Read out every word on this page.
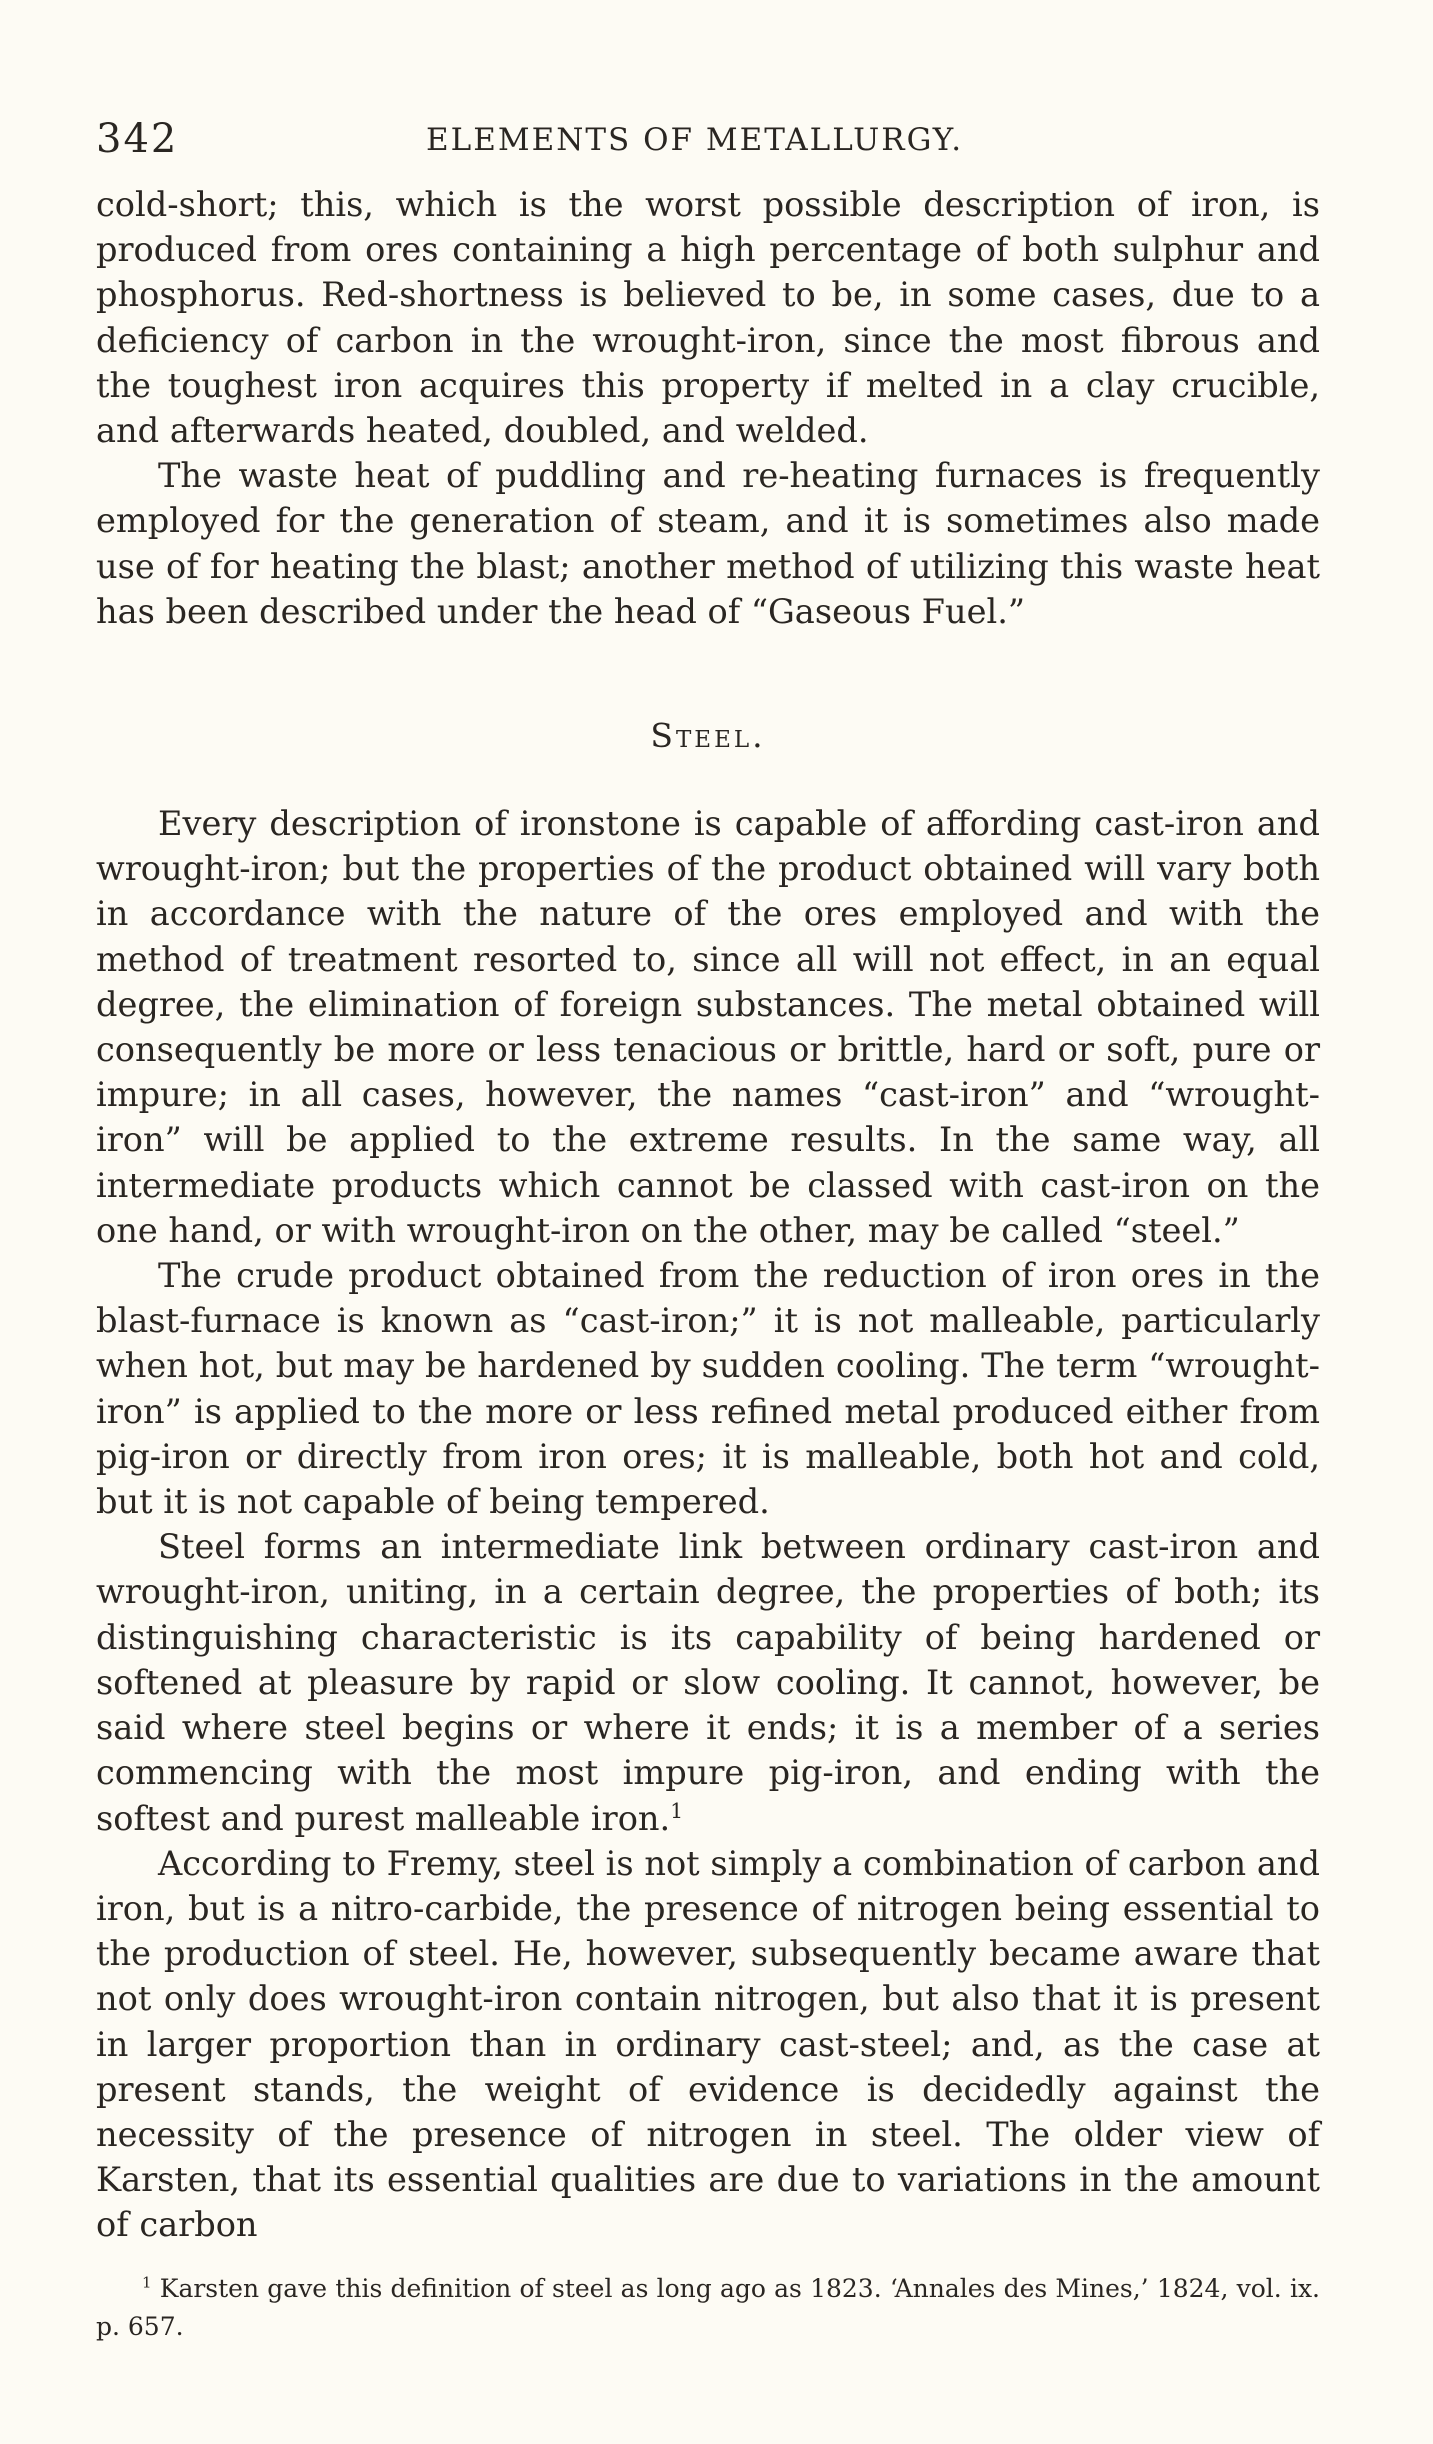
342	ELEMENTS OF METALLURGY.

cold-short; this, which is the worst possible description of iron, is produced from ores containing a high percentage of both sulphur and phosphorus. Red-shortness is believed to be, in some cases, due to a deficiency of carbon in the wrought-iron, since the most fibrous and the toughest iron acquires this property if melted in a clay crucible, and afterwards heated, doubled, and welded.

The waste heat of puddling and re-heating furnaces is frequently employed for the generation of steam, and it is sometimes also made use of for heating the blast; another method of utilizing this waste heat has been described under the head of “Gaseous Fuel.”

Steel.

Every description of ironstone is capable of affording cast-iron and wrought-iron; but the properties of the product obtained will vary both in accordance with the nature of the ores employed and with the method of treatment resorted to, since all will not effect, in an equal degree, the elimination of foreign substances. The metal obtained will consequently be more or less tenacious or brittle, hard or soft, pure or impure; in all cases, however, the names “cast-iron” and “wrought-iron” will be applied to the extreme results. In the same way, all intermediate products which cannot be classed with cast-iron on the one hand, or with wrought-iron on the other, may be called “steel.”

The crude product obtained from the reduction of iron ores in the blast-furnace is known as “cast-iron;” it is not malleable, particularly when hot, but may be hardened by sudden cooling. The term “wrought-iron” is applied to the more or less refined metal produced either from pig-iron or directly from iron ores; it is malleable, both hot and cold, but it is not capable of being tempered.

Steel forms an intermediate link between ordinary cast-iron and wrought-iron, uniting, in a certain degree, the properties of both; its distinguishing characteristic is its capability of being hardened or softened at pleasure by rapid or slow cooling. It cannot, however, be said where steel begins or where it ends; it is a member of a series commencing with the most impure pig-iron, and ending with the softest and purest malleable iron.$^1$

According to Fremy, steel is not simply a combination of carbon and iron, but is a nitro-carbide, the presence of nitrogen being essential to the production of steel. He, however, subsequently became aware that not only does wrought-iron contain nitrogen, but also that it is present in larger proportion than in ordinary cast-steel; and, as the case at present stands, the weight of evidence is decidedly against the necessity of the presence of nitrogen in steel. The older view of Karsten, that its essential qualities are due to variations in the amount of carbon

$^1$ Karsten gave this definition of steel as long ago as 1823. ‘Annales des Mines,’ 1824, vol. ix. p. 657.
